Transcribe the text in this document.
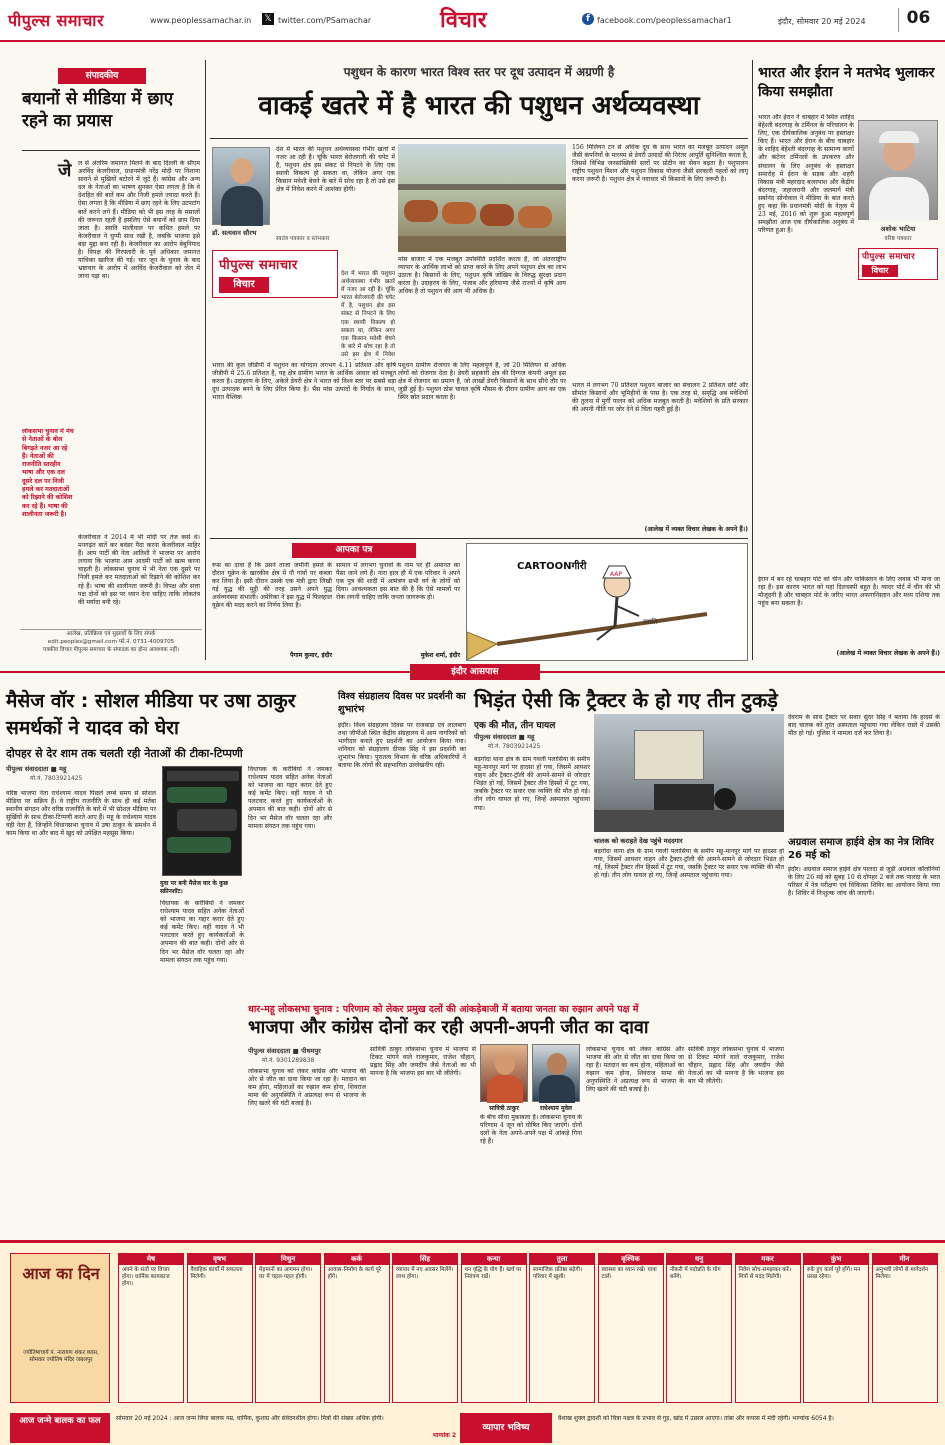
पीपुल्स समाचार	www.peoplessamachar.in 𝕏 twitter.com/PSamachar	विचार	f facebook.com/peoplessamachar1	इंदौर, सोमवार 20 मई 2024	06
संपादकीय
बयानों से मीडिया में छाए रहने का प्रयास
जे ल से अंतरिम जमानत मिलने के बाद दिल्ली के सीएम अरविंद केजरीवाल, प्रधानमंत्री नरेंद्र मोदी पर निशाना साधने से मुखियों बटोरने में जुटे हैं। कांग्रेस और अन्य दल के नेताओं का भाषण सुनकर ऐसा लगता है कि वे देशहित की बातें कम और निजी हमले ज्यादा करते हैं। ऐसा लगता है कि मीडिया में छाए रहने के लिए उटपटांग बातें करने लगे हैं। मीडिया को भी इस तरह के मसालों की जरूरत रहती है इसलिए ऐसे बयानों को छाप दिया जाता है। स्वाति मालीवाल पर कथित हमले पर केजरीवाल ने चुप्पी साध रखी है, जबकि भाजपा इसे बड़ा मुद्दा बना रही है। केजरीवाल का आरोप बेबुनियाद है। विपक्ष की गिरफ्तारी के पूर्व अधिकार जमानत याचिका खारिज की गई। चार जून के चुनाव के बाद भ्रष्टाचार के आरोप में अरविंद केजरीवाल को जेल में जाना पड़ा था।
लोकसभा चुनाव में मंच से नेताओं के बोल बिगड़ते नजर आ रहे हैं। नेताओं की राजनीति स्तरहीन भाषा और एक दल दूसरे दल पर निजी हमले कर मतदाताओं को रिझाने की कोशिश कर रहे हैं। भाषा की शालीनता जरूरी है।
केजरीवाल ने 2014 में भी मोदी पर तंज कसे थे। मनगढ़ंत बातें कर बवंडर पैदा करना केजरीवाल माहिर हैं। आप पार्टी की नेता आतिशी ने भाजपा पर आरोप लगाया कि भाजपा आम आदमी पार्टी को खत्म करना चाहती है। लोकसभा चुनाव में भी नेता एक दूसरे पर निजी हमले कर मतदाताओं को रिझाने की कोशिश कर रहे हैं। भाषा की शालीनता जरूरी है। विपक्ष और सत्ता पक्ष दोनों को इस पर ध्यान देना चाहिए ताकि लोकतंत्र की मर्यादा बनी रहे।
आलेख, प्रतिक्रिया एवं सुझावों के लिए संपर्क
edit.peoples@gmail.com फो.नं. 0731-4009705
पत्रकीय विचार पीपुल्स समाचार के संपादक का होना आवश्यक नहीं।
पशुधन के कारण भारत विश्व स्तर पर दूध उत्पादन में अग्रणी है
वाकई खतरे में है भारत की पशुधन अर्थव्यवस्था
डॉ. सत्यवान सौरभ
स्वतंत्र पत्रकार व स्तंभकार
पीपुल्स समाचार
विचार
देश में भारत की पशुधन अर्थव्यवस्था गंभीर खतरे में नजर आ रही है। चूंकि भारत बेरोजगारी की चपेट में है, पशुधन क्षेत्र इस संकट से निपटने के लिए एक स्थायी विकल्प हो सकता था, लेकिन अगर एक किसान मवेशी बेचने के बारे में सोच रहा है तो उसे इस क्षेत्र में निवेश करने में आशंका होगी।
देश में भारत की पशुधन अर्थव्यवस्था गंभीर खतरे में नजर आ रही है। चूंकि भारत बेरोजगारी की चपेट में है, पशुधन क्षेत्र इस संकट से निपटने के लिए एक स्थायी विकल्प हो सकता था, लेकिन अगर एक किसान मवेशी बेचने के बारे में सोच रहा है तो उसे इस क्षेत्र में निवेश
मांस बाजार में एक मजबूत उपस्थिति प्रदर्शित करता है, जो अंतरराष्ट्रीय व्यापार के आर्थिक लाभों को प्राप्त करने के लिए अपने पशुधन क्षेत्र का लाभ उठाता है। किसानों के लिए, पशुधन कृषि जोखिम के विरुद्ध सुरक्षा प्रदान करता है। उदाहरण के लिए, पंजाब और हरियाणा जैसे राज्यों में कृषि आय अधिक है तो पशुधन की आय भी अधिक है।
भारत की कुल जीडीपी में पशुधन का योगदान लगभग 4.11 प्रतिशत और कृषि जीडीपी में 25.6 प्रतिशत है, यह क्षेत्र ग्रामीण भारत के आर्थिक आधार को मजबूत करता है। उदाहरण के लिए, अकेले डेयरी क्षेत्र ने भारत को विश्व स्तर पर सबसे बड़ा दूध उत्पादक बनने के लिए प्रेरित किया है। भैंस मांस उत्पादों के निर्यात के साथ, भारत वैश्विक
पशुधन ग्रामीण रोजगार के लिए महत्वपूर्ण है, जो 20 मिलियन से अधिक लोगों को रोजगार देता है। डेयरी सहकारी क्षेत्र की दिग्गज कंपनी अमूल इस क्षेत्र में रोजगार का प्रमाण है, जो लाखों डेयरी किसानों के साथ सीधे तौर पर जुड़ी हुई है। पशुधन ठोस चावल कृषि मौसम के दौरान ग्रामीण आय का एक स्थिर स्रोत प्रदान करता है।
156 मिलियन टन से अधिक दूध के साथ भारत का मजबूत उत्पादन अमूल जैसी कंपनियों के माध्यम से डेयरी उत्पादों की निरंतर आपूर्ति सुनिश्चित करता है, जिससे विभिन्न जनसांख्यिकी स्तरों पर प्रोटीन का सेवन बढ़ता है। पशुपालन राष्ट्रीय पशुधन मिशन और पशुधन विकास योजना जैसी सरकारी पहलों को लागू करना जरूरी है। पशुधन क्षेत्र में नवाचार भी किसानों के लिए जरूरी है।
भारत में लगभग 70 प्रतिशत पशुधन बाजार का संचालन 2 प्रतिशत छोटे और सीमांत किसानों और भूमिहीनों के पास है। एक तरह से, समृद्धि अब मवेशियों की तुलना में मुर्गी पालन को अधिक मजबूत करती है। मवेशियों के प्रति सरकार की अपनी नीति पर जोर देने से चिंता गहरी हुई है।
(आलेख में व्यक्त विचार लेखक के अपने हैं।)
आपका पत्र
रूस का दावा है कि उसने ताजा जमीनी हमले के दौरान यूक्रेन के खारकीव क्षेत्र में नौ गांवों पर कब्जा कर लिया है। इसी दौरान उसके एक मंत्री द्वारा लिखी गई युद्ध की मुट्ठी की तरह उसने अपने युद्ध अर्थव्यवस्था संभाली। अमेरिका ने इस युद्ध में फिलहाल यूक्रेन की मदद करने का निर्णय लिया है।
पैगाम कुमार, इंदौर
सामान में लगभग चुनावों के नाम पर ही अमानत का पैसा जाने लगे हैं। नारा हाल ही में एक परिवार ने अपने एक पुत्र की शादी में आमंत्रण सभी वर्ग के लोगों को दिया। आवश्यकता इस बात की है कि ऐसे मामलों पर रोक लगनी चाहिए ताकि जनता जागरूक हो।
मुकेश शर्मा, इंदौर
CARTOONगीरी
AAP
स्वाति
भारत और ईरान ने मतभेद भुलाकर किया समझौता
भारत और ईरान ने चाबहार में स्थित शाहिद बेहेश्ती बंदरगाह के टर्मिनल के परिचालन के लिए, एक दीर्घकालिक अनुबंध पर हस्ताक्षर किए हैं। भारत और ईरान के बीच चाबहार के शाहिद बेहेश्ती बंदरगाह के सामान्य कार्गो और कंटेनर टर्मिनलों के उपकरण और संचालन के लिए अनुबंध के हस्ताक्षर समारोह में ईरान के सड़क और शहरी विकास मंत्री महरदाद बजरपाश और केंद्रीय बंदरगाह, जहाजरानी और जलमार्ग मंत्री सर्बानंद सोनोवाल ने मीडिया के बात करते हुए कहा कि प्रधानमंत्री मोदी के नेतृत्व में 23 मई, 2016 को शुरू हुआ महत्वपूर्ण समझौता आज एक दीर्घकालिक अनुबंध में परिणत हुआ है।	अशोक भाटिया
वरिष्ठ पत्रकार
पीपुल्स समाचार
विचार
ईरान में बन रहे चाबहार पोर्ट को चीन और पाकिस्तान के लिए जवाब भी माना जा रहा है। इस कारण भारत को यहां दिलचस्पी बहुत है। ग्वादर पोर्ट में चीन की भी मौजूदगी है और चाबहार पोर्ट के जरिए भारत अफगानिस्तान और मध्य एशिया तक पहुंच बना सकता है।
(आलेख में व्यक्त विचार लेखक के अपने हैं।)
इंदौर आसपास
मैसेज वॉर : सोशल मीडिया पर उषा ठाकुर समर्थकों ने यादव को घेरा
दोपहर से देर शाम तक चलती रही नेताओं की टीका-टिप्पणी
पीपुल्स संवाददाता ■ महू
मो.नं. 7803921425
वरिष्ठ भाजपा नेता राधेश्याम यादव पिछले लम्बे समय से सोशल मीडिया पर सक्रिय हैं। वे राष्ट्रीय राजनीति के साथ ही कई मर्तबा स्थानीय संगठन और वरिष्ठ राजनीति के बारे में भी सोशल मीडिया पर सुर्खियों के साथ टीका-टिप्पणी करते आए हैं। महू के राधेश्याम यादव वही नेता हैं, जिन्होंने विधानसभा चुनाव में उषा ठाकुर के समर्थन में काम किया था और बाद में खुद को उपेक्षित महसूस किया।
युवा पर बनी मैसेज वार के कुछ स्क्रीनशॉट।
विधायक के करीबियों ने जमकर राधेश्याम यादव सहित अनेक नेताओं को भाजपा का गद्दार करार देते हुए कई कमेंट किए। वहीं यादव ने भी पलटवार करते हुए कार्यकर्ताओं के अपमान की बात कही। दोनों ओर से दिन भर मैसेज वॉर चलता रहा और मामला संगठन तक पहुंच गया।
विधायक के करीबियों ने जमकर राधेश्याम यादव सहित अनेक नेताओं को भाजपा का गद्दार करार देते हुए कई कमेंट किए। वहीं यादव ने भी पलटवार करते हुए कार्यकर्ताओं के अपमान की बात कही। दोनों ओर से दिन भर मैसेज वॉर चलता रहा और मामला संगठन तक पहुंच गया।
विश्व संग्रहालय दिवस पर प्रदर्शनी का शुभारंभ
इंदौर। विश्व संग्रहालय दिवस पर राजबाड़ा एवं लालबाग तथा जीपीओ स्थित केंद्रीय संग्रहालय में आम नागरिकों को भागीदार बनाते हुए प्रदर्शनी का आयोजन किया गया। शनिवार को संग्रहालय दीपक सिंह ने इस प्रदर्शनी का शुभारंभ किया। पुरातत्व विभाग के वरिष्ठ अधिकारियों ने बताया कि लोगों की सहभागिता उल्लेखनीय रही।
भिड़ंत ऐसी कि ट्रैक्टर के हो गए तीन टुकड़े
एक की मौत, तीन घायल
पीपुल्स संवाददाता ■ महू
मो.नं. 7803921425
बड़गोंदा थाना क्षेत्र के ग्राम गवली पलासिया के समीप महू-मानपुर मार्ग पर हादसा हो गया, जिसमें आयशर वाहन और ट्रैक्टर-ट्रॉली की आमने-सामने से जोरदार भिड़ंत हो गई, जिसमें ट्रैक्टर तीन हिस्सों में टूट गया, जबकि ट्रैक्टर पर सवार एक व्यक्ति की मौत हो गई। तीन लोग घायल हो गए, जिन्हें अस्पताल पहुंचाया गया।
चालक को कराहते देख पहुंचे मददगार
देवराम के साथ ट्रैक्टर पर सवार सुंदर सिंह ने बताया कि हादसे के बाद चालक को तुरंत अस्पताल पहुंचाया गया लेकिन रास्ते में उसकी मौत हो गई। पुलिस ने मामला दर्ज कर लिया है।
बड़गोंदा थाना क्षेत्र के ग्राम गवली पलासिया के समीप महू-मानपुर मार्ग पर हादसा हो गया, जिसमें आयशर वाहन और ट्रैक्टर-ट्रॉली की आमने-सामने से जोरदार भिड़ंत हो गई, जिसमें ट्रैक्टर तीन हिस्सों में टूट गया, जबकि ट्रैक्टर पर सवार एक व्यक्ति की मौत हो गई। तीन लोग घायल हो गए, जिन्हें अस्पताल पहुंचाया गया।
अग्रवाल समाज हाईवे क्षेत्र का नेत्र शिविर 26 मई को
इंदौर। अग्रवाल समाज हाईवे क्षेत्र पालदा से जुड़ी अग्रवाल कॉलोनियों के लिए 26 मई को सुबह 10 से दोपहर 2 बजे तक पालदा के भरत परिसर में नेत्र परीक्षण एवं चिकित्सा शिविर का आयोजन किया गया है। शिविर में निःशुल्क जांच की जाएगी।
धार-महू लोकसभा चुनाव : परिणाम को लेकर प्रमुख दलों की आंकड़ेबाजी में बताया जनता का रुझान अपने पक्ष में
भाजपा और कांग्रेस दोनों कर रही अपनी-अपनी जीत का दावा
पीपुल्स संवाददाता ■ पीथमपुर
मो.नं. 9301289838
लोकसभा चुनाव को लेकर कांग्रेस और भाजपा की ओर से जीत का दावा किया जा रहा है। मतदान का कम होना, महिलाओं का रुझान कम होना, शिवराज मामा की अनुपस्थिति ने अप्रत्यक्ष रूप से भाजपा के लिए खतरे की घंटी बजाई है।
सावित्री ठाकुर लोकसभा चुनाव में भाजपा से टिकट मांगने वाले राजकुमार, राजेश चौहान, प्रह्लाद सिंह और जयदीप जैसे नेताओं का भी मानना है कि भाजपा इस बार भी जीतेगी।
सावित्री ठाकुर	राधेश्याम मुवेल
के बीच सीधा मुकाबला है। लोकसभा चुनाव के परिणाम 4 जून को घोषित किए जाएंगे। दोनों दलों के नेता अपने-अपने पक्ष में आंकड़े गिना रहे हैं।
लोकसभा चुनाव को लेकर कांग्रेस और भाजपा की ओर से जीत का दावा किया जा रहा है। मतदान का कम होना, महिलाओं का रुझान कम होना, शिवराज मामा की अनुपस्थिति ने अप्रत्यक्ष रूप से भाजपा के लिए खतरे की घंटी बजाई है।
सावित्री ठाकुर लोकसभा चुनाव में भाजपा से टिकट मांगने वाले राजकुमार, राजेश चौहान, प्रह्लाद सिंह और जयदीप जैसे नेताओं का भी मानना है कि भाजपा इस बार भी जीतेगी।
आज का दिन
ज्योतिषाचार्य पं. नारायण शंकर व्यास, सोमवार ज्योतिष मंदिर जबलपुर
मेष
अपने के संतों पर विचार होगा। धार्मिक कामकाज होगा।
वृषभ
वैवाहिक कार्यों में सफलता मिलेगी।
मिथुन
मेहमानों का आगमन होगा। घर में चहल-पहल होगी।
कर्क
आवास-निर्माण के कार्य पूरे होंगे।
सिंह
व्यापार में नए अवसर मिलेंगे। लाभ होगा।
कन्या
धन वृद्धि के योग हैं। खर्च पर नियंत्रण रखें।
तुला
सामाजिक प्रतिष्ठा बढ़ेगी। परिवार में खुशी।
वृश्चिक
स्वास्थ्य का ध्यान रखें। यात्रा टालें।
धनु
नौकरी में पदोन्नति के योग बनेंगे।
मकर
निवेश सोच-समझकर करें। मित्रों से मदद मिलेगी।
कुंभ
रुके हुए कार्य पूरे होंगे। मन प्रसन्न रहेगा।
मीन
अनुभवी लोगों से मार्गदर्शन मिलेगा।
आज जन्मे बालक का फल	सोमवार 20 मई 2024 : आज जन्म लिया बालक नम्र, धार्मिक, कुशाग्र और संवेदनशील होगा। मित्रों की संख्या अधिक होगी।
भाग्यांक 2
व्यापार भविष्य
वैशाख शुक्ल द्वादशी को चित्रा नक्षत्र के प्रभाव से गुड़, खांड में उछाल आएगा। तांबा और कपास में मंदी रहेगी। भाग्यांक 6054 है।
